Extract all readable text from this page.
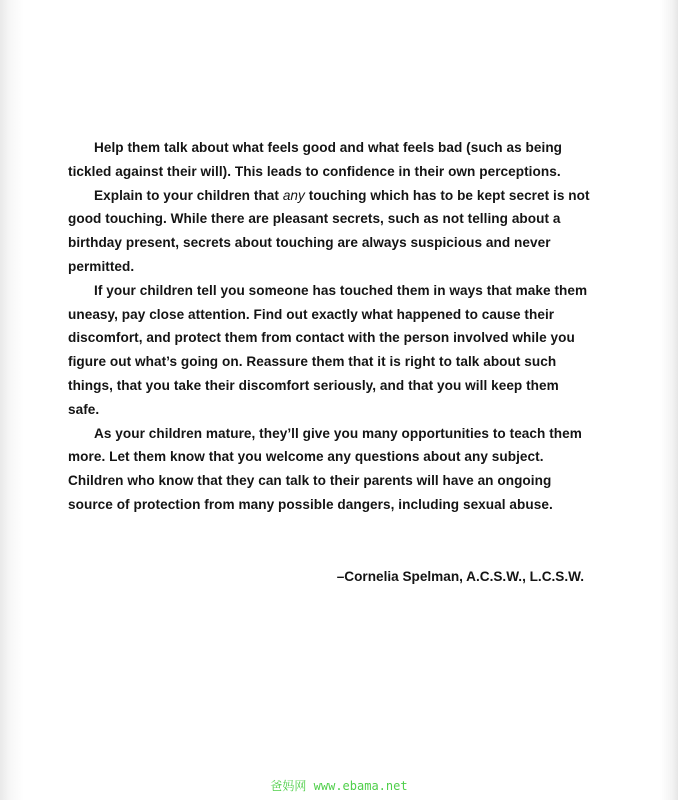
Help them talk about what feels good and what feels bad (such as being tickled against their will). This leads to confidence in their own perceptions.

Explain to your children that any touching which has to be kept secret is not good touching. While there are pleasant secrets, such as not telling about a birthday present, secrets about touching are always suspicious and never permitted.

If your children tell you someone has touched them in ways that make them uneasy, pay close attention. Find out exactly what happened to cause their discomfort, and protect them from contact with the person involved while you figure out what’s going on. Reassure them that it is right to talk about such things, that you take their discomfort seriously, and that you will keep them safe.

As your children mature, they’ll give you many opportunities to teach them more. Let them know that you welcome any questions about any subject. Children who know that they can talk to their parents will have an ongoing source of protection from many possible dangers, including sexual abuse.

–Cornelia Spelman, A.C.S.W., L.C.S.W.

爸妈网 www.ebama.net
